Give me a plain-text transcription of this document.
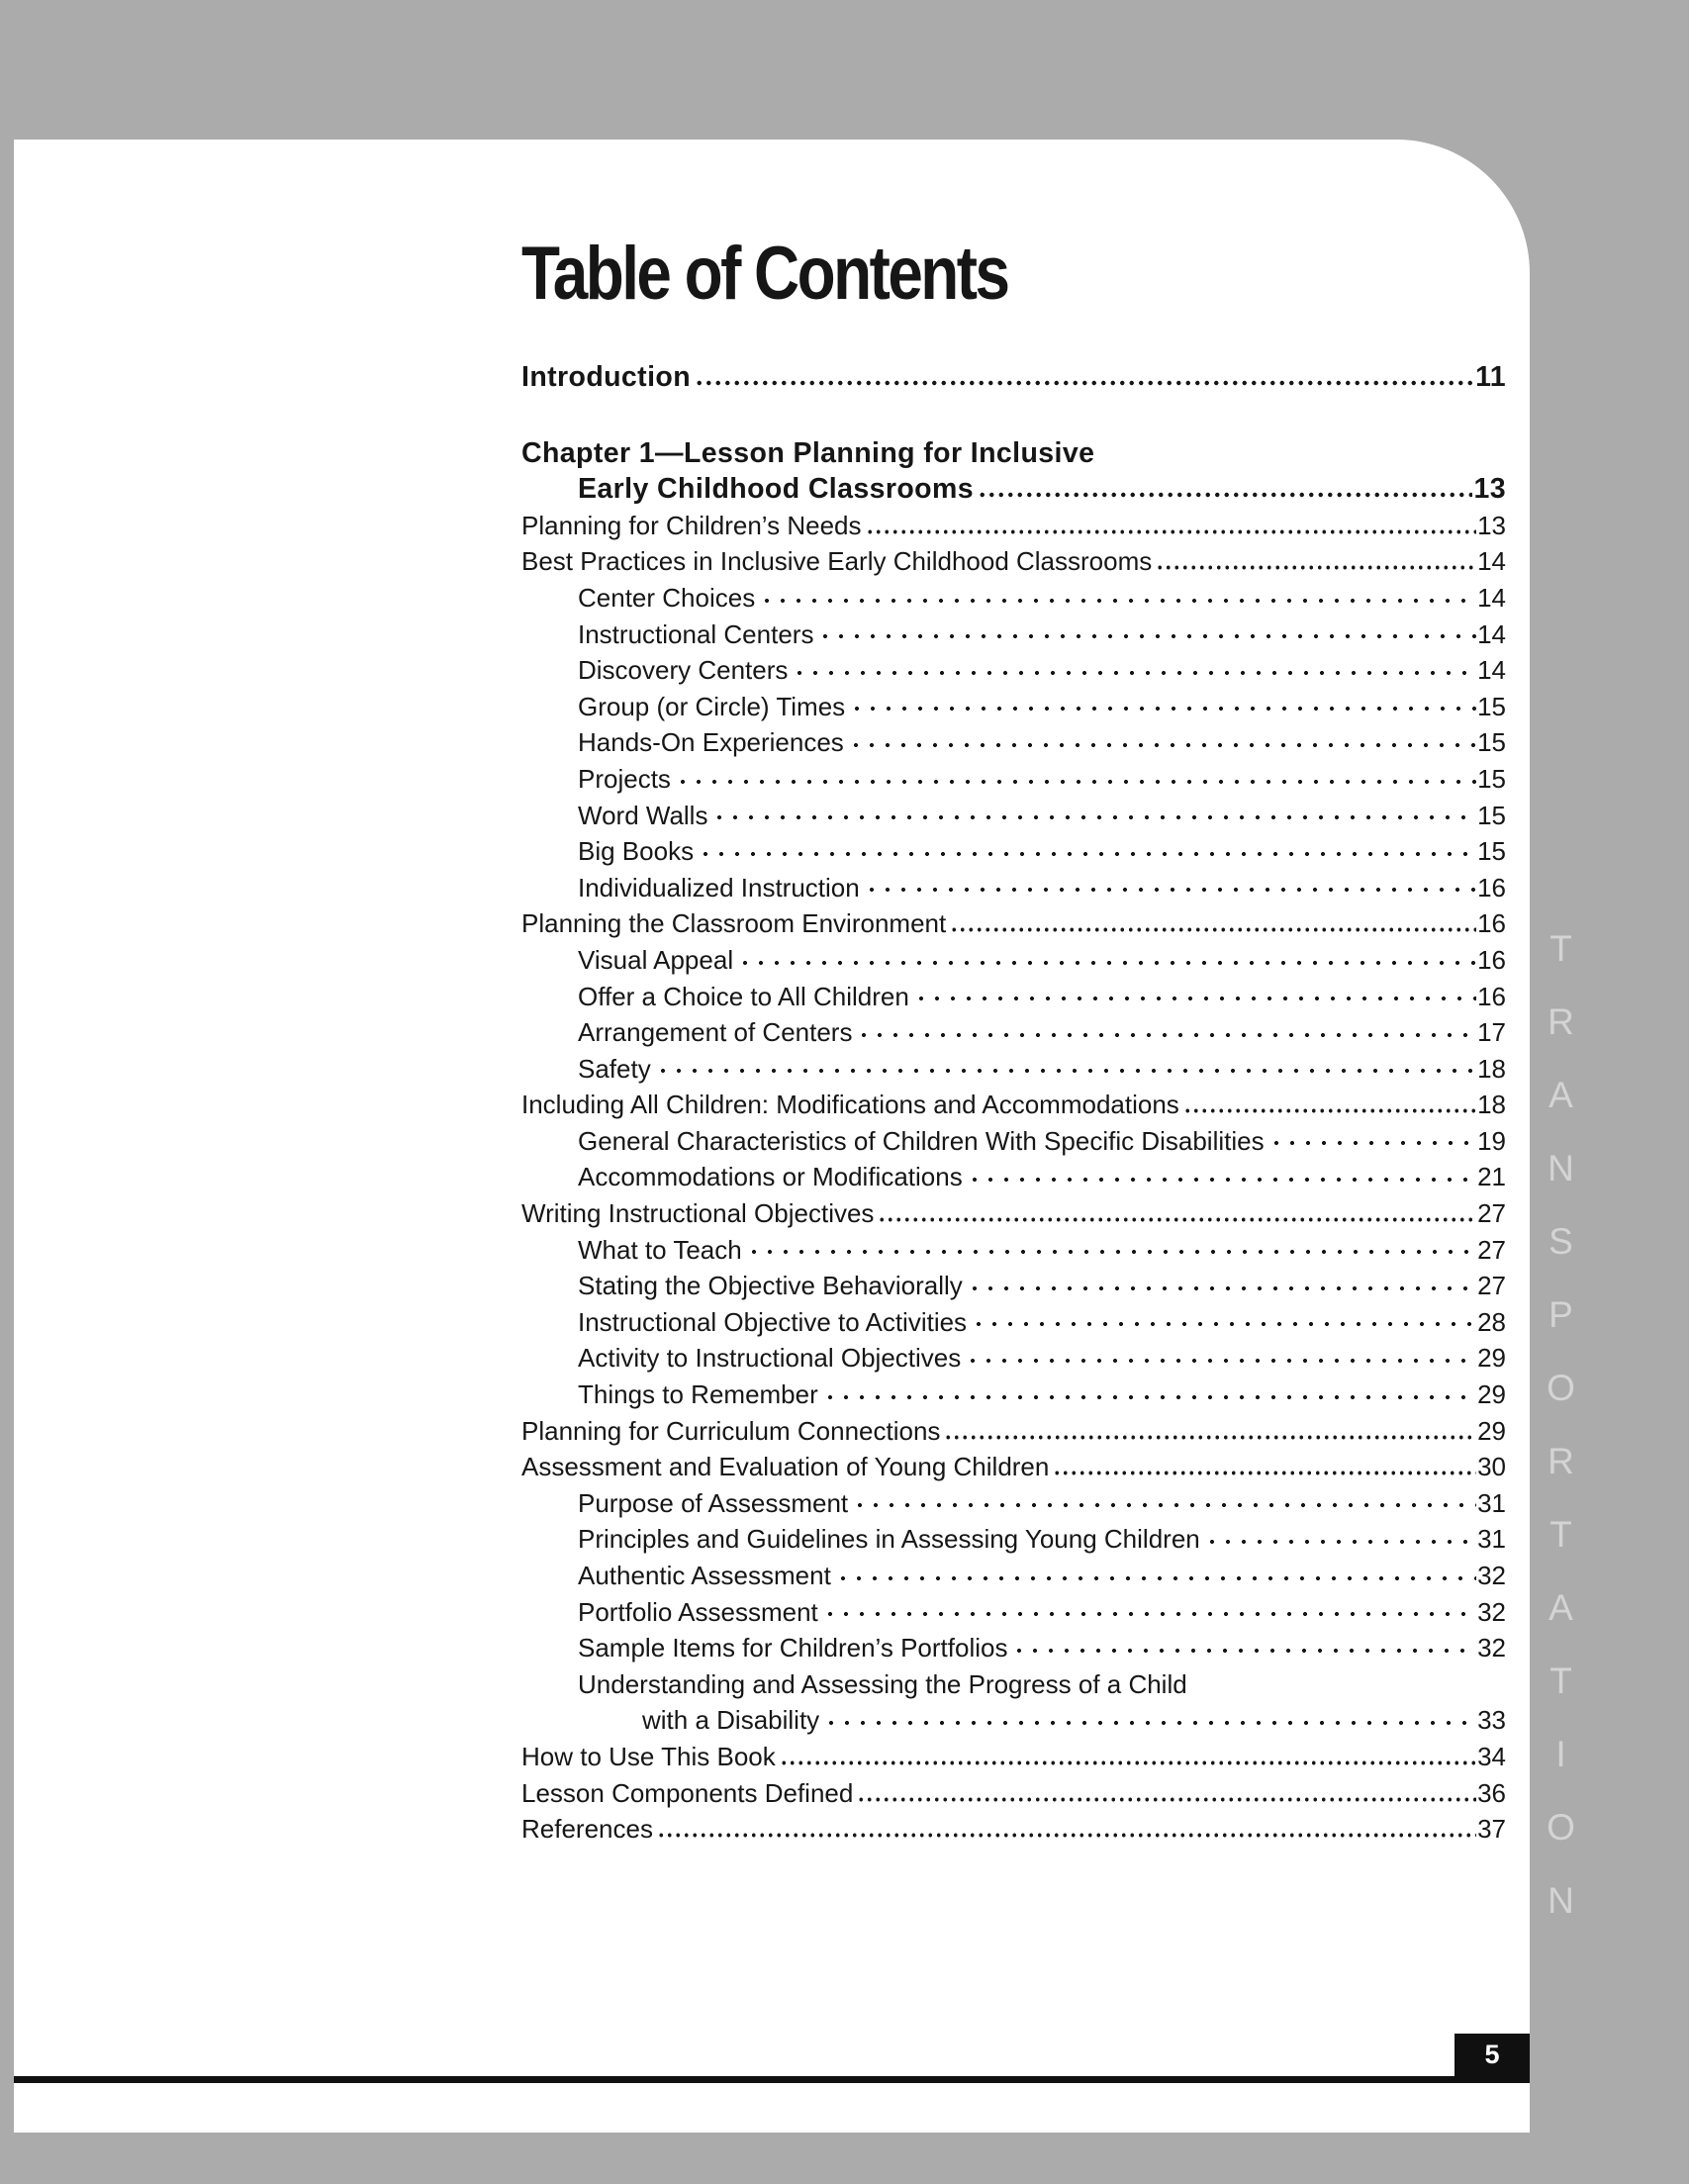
Table of Contents
Introduction	11
Chapter 1—Lesson Planning for Inclusive
Early Childhood Classrooms	13
Planning for Children’s Needs	13
Best Practices in Inclusive Early Childhood Classrooms	14
Center Choices	14
Instructional Centers	14
Discovery Centers	14
Group (or Circle) Times	15
Hands-On Experiences	15
Projects	15
Word Walls	15
Big Books	15
Individualized Instruction	16
Planning the Classroom Environment	16
Visual Appeal	16
Offer a Choice to All Children	16
Arrangement of Centers	17
Safety	18
Including All Children: Modifications and Accommodations	18
General Characteristics of Children With Specific Disabilities	19
Accommodations or Modifications	21
Writing Instructional Objectives	27
What to Teach	27
Stating the Objective Behaviorally	27
Instructional Objective to Activities	28
Activity to Instructional Objectives	29
Things to Remember	29
Planning for Curriculum Connections	29
Assessment and Evaluation of Young Children	30
Purpose of Assessment	31
Principles and Guidelines in Assessing Young Children	31
Authentic Assessment	32
Portfolio Assessment	32
Sample Items for Children’s Portfolios	32
Understanding and Assessing the Progress of a Child
with a Disability	33
How to Use This Book	34
Lesson Components Defined	36
References	37
5
TRANSPORTATION
